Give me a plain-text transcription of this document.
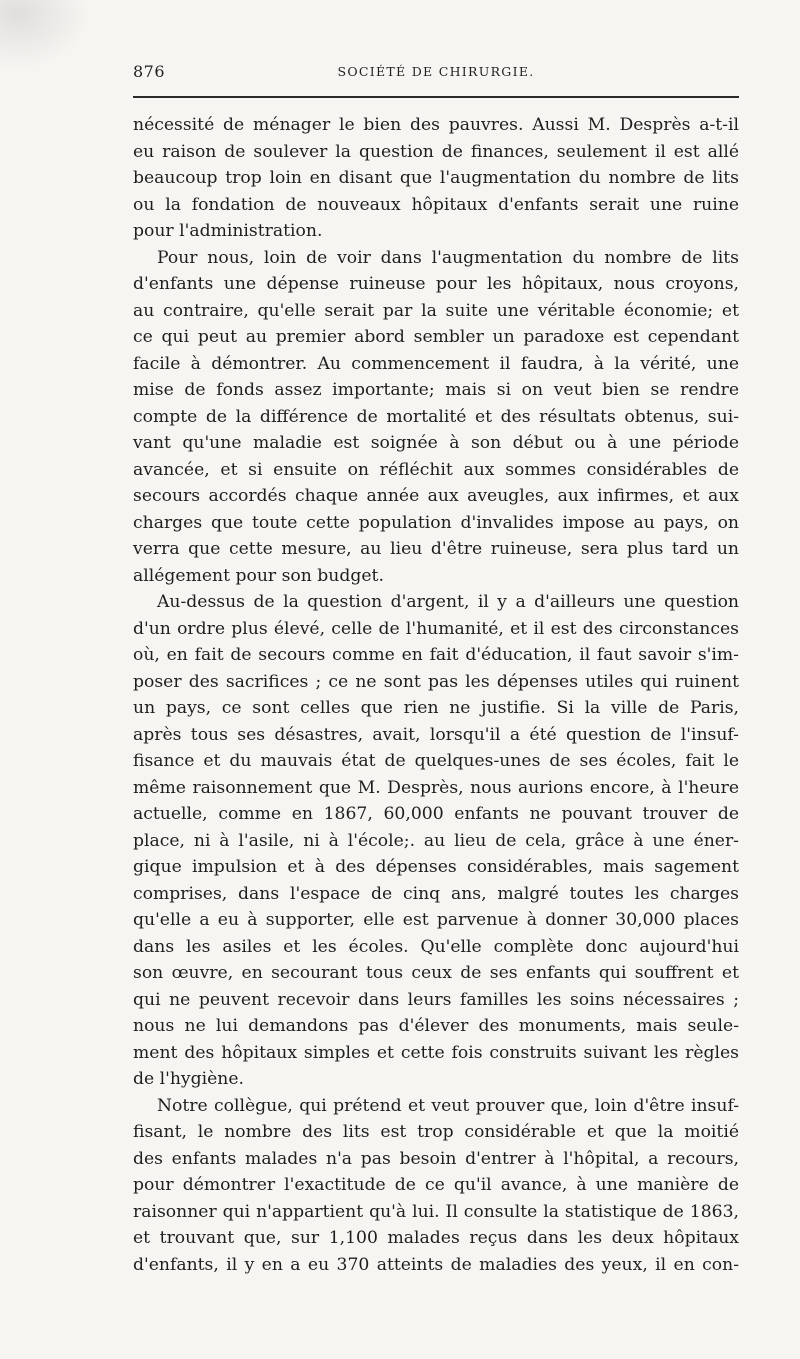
876	SOCIÉTÉ DE CHIRURGIE.
nécessité de ménager le bien des pauvres. Aussi M. Desprès a-t-il
eu raison de soulever la question de finances, seulement il est allé
beaucoup trop loin en disant que l'augmentation du nombre de lits
ou la fondation de nouveaux hôpitaux d'enfants serait une ruine
pour l'administration.
Pour nous, loin de voir dans l'augmentation du nombre de lits
d'enfants une dépense ruineuse pour les hôpitaux, nous croyons,
au contraire, qu'elle serait par la suite une véritable économie; et
ce qui peut au premier abord sembler un paradoxe est cependant
facile à démontrer. Au commencement il faudra, à la vérité, une
mise de fonds assez importante; mais si on veut bien se rendre
compte de la différence de mortalité et des résultats obtenus, sui-
vant qu'une maladie est soignée à son début ou à une période
avancée, et si ensuite on réfléchit aux sommes considérables de
secours accordés chaque année aux aveugles, aux infirmes, et aux
charges que toute cette population d'invalides impose au pays, on
verra que cette mesure, au lieu d'être ruineuse, sera plus tard un
allégement pour son budget.
Au-dessus de la question d'argent, il y a d'ailleurs une question
d'un ordre plus élevé, celle de l'humanité, et il est des circonstances
où, en fait de secours comme en fait d'éducation, il faut savoir s'im-
poser des sacrifices ; ce ne sont pas les dépenses utiles qui ruinent
un pays, ce sont celles que rien ne justifie. Si la ville de Paris,
après tous ses désastres, avait, lorsqu'il a été question de l'insuf-
fisance et du mauvais état de quelques-unes de ses écoles, fait le
même raisonnement que M. Desprès, nous aurions encore, à l'heure
actuelle, comme en 1867, 60,000 enfants ne pouvant trouver de
place, ni à l'asile, ni à l'école;. au lieu de cela, grâce à une éner-
gique impulsion et à des dépenses considérables, mais sagement
comprises, dans l'espace de cinq ans, malgré toutes les charges
qu'elle a eu à supporter, elle est parvenue à donner 30,000 places
dans les asiles et les écoles. Qu'elle complète donc aujourd'hui
son œuvre, en secourant tous ceux de ses enfants qui souffrent et
qui ne peuvent recevoir dans leurs familles les soins nécessaires ;
nous ne lui demandons pas d'élever des monuments, mais seule-
ment des hôpitaux simples et cette fois construits suivant les règles
de l'hygiène.
Notre collègue, qui prétend et veut prouver que, loin d'être insuf-
fisant, le nombre des lits est trop considérable et que la moitié
des enfants malades n'a pas besoin d'entrer à l'hôpital, a recours,
pour démontrer l'exactitude de ce qu'il avance, à une manière de
raisonner qui n'appartient qu'à lui. Il consulte la statistique de 1863,
et trouvant que, sur 1,100 malades reçus dans les deux hôpitaux
d'enfants, il y en a eu 370 atteints de maladies des yeux, il en con-
